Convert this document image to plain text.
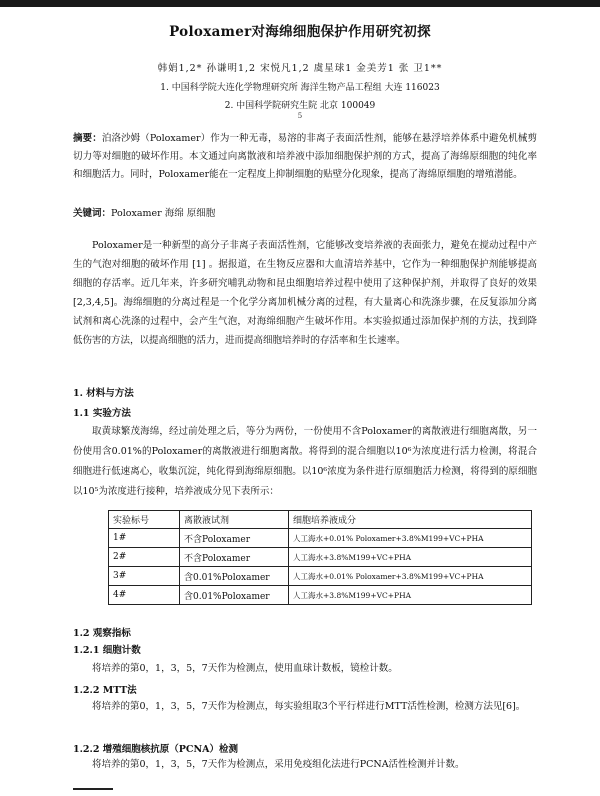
Poloxamer对海绵细胞保护作用研究初探
韩娟1,2* 孙谦明1,2 宋悦凡1,2 虞星球1 金美芳1 张 卫1**
1. 中国科学院大连化学物理研究所 海洋生物产品工程组 大连 116023
2. 中国科学院研究生院 北京 100049
5
摘要：泊洛沙姆（Poloxamer）作为一种无毒，易溶的非离子表面活性剂，能够在悬浮培养体系中避免机械剪切力等对细胞的破坏作用。本文通过向离散液和培养液中添加细胞保护剂的方式，提高了海绵原细胞的纯化率和细胞活力。同时，Poloxamer能在一定程度上抑制细胞的贴壁分化现象，提高了海绵原细胞的增殖潜能。
关键词：Poloxamer 海绵 原细胞
Poloxamer是一种新型的高分子非离子表面活性剂，它能够改变培养液的表面张力，避免在搅动过程中产生的气泡对细胞的破坏作用 [1] 。据报道，在生物反应器和大血清培养基中，它作为一种细胞保护剂能够提高细胞的存活率。近几年来，许多研究哺乳动物和昆虫细胞培养过程中使用了这种保护剂，并取得了良好的效果[2,3,4,5]。海绵细胞的分离过程是一个化学分离加机械分离的过程，有大量离心和洗涤步骤，在反复添加分离试剂和离心洗涤的过程中，会产生气泡，对海绵细胞产生破坏作用。本实验拟通过添加保护剂的方法，找到降低伤害的方法，以提高细胞的活力，进而提高细胞培养时的存活率和生长速率。
1. 材料与方法
1.1 实验方法
取黄球繁茂海绵，经过前处理之后，等分为两份，一份使用不含Poloxamer的离散液进行细胞离散，另一份使用含0.01%的Poloxamer的离散液进行细胞离散。将得到的混合细胞以10⁶为浓度进行活力检测，将混合细胞进行低速离心，收集沉淀，纯化得到海绵原细胞。以10⁶浓度为条件进行原细胞活力检测，将得到的原细胞以10⁵为浓度进行接种，培养液成分见下表所示：
实验标号	离散液试剂	细胞培养液成分
1#	不含Poloxamer	人工海水+0.01% Poloxamer+3.8%M199+VC+PHA
2#	不含Poloxamer	人工海水+3.8%M199+VC+PHA
3#	含0.01%Poloxamer	人工海水+0.01% Poloxamer+3.8%M199+VC+PHA
4#	含0.01%Poloxamer	人工海水+3.8%M199+VC+PHA
1.2 观察指标
1.2.1 细胞计数
将培养的第0，1，3，5，7天作为检测点，使用血球计数板，镜检计数。
1.2.2 MTT法
将培养的第0，1，3，5，7天作为检测点，每实验组取3个平行样进行MTT活性检测，检测方法见[6]。
1.2.2 增殖细胞核抗原（PCNA）检测
将培养的第0，1，3，5，7天作为检测点，采用免疫组化法进行PCNA活性检测并计数。
